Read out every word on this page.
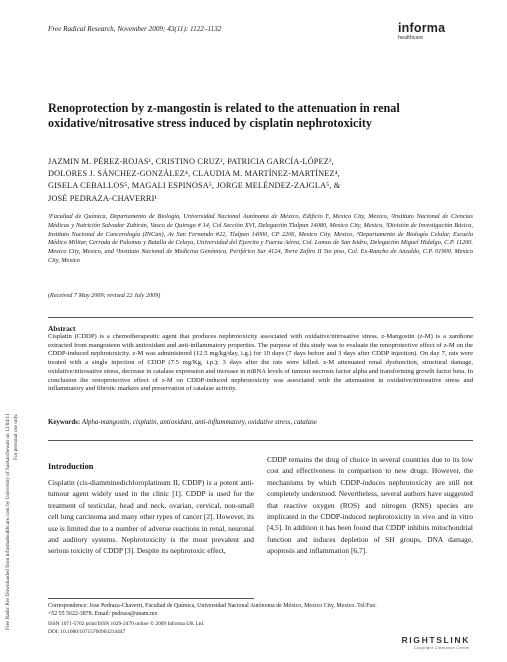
Free Radical Research, November 2009; 43(11): 1122–1132	informa
healthcare
Free Radic Res Downloaded from informahealthcare.com by University of Saskatchewan on 12/04/11 For personal use only.
Renoprotection by z-mangostin is related to the attenuation in renal oxidative/nitrosative stress induced by cisplatin nephrotoxicity
JAZMIN M. PÉREZ-ROJAS¹, CRISTINO CRUZ², PATRICIA GARCÍA-LÓPEZ³,
DOLORES J. SÁNCHEZ-GONZÁLEZ⁴, CLAUDIA M. MARTÍNEZ-MARTÍNEZ⁴,
GISELA CEBALLOS⁵, MAGALI ESPINOSA⁵, JORGE MELÉNDEZ-ZAJGLA⁵, &
JOSÉ PEDRAZA-CHAVERRI¹
¹Facultad de Química, Departamento de Biología, Universidad Nacional Autónoma de México, Edificio F, Mexico City, Mexico, ²Instituto Nacional de Ciencias Médicas y Nutrición Salvador Zubirán, Vasco de Quiroga # 14, Col Sección XVI, Delegación Tlalpan 14080, Mexico City, Mexico, ³División de Investigación Básica, Instituto Nacional de Cancerología (INCan), Av San Fernando #22, Tlalpan 14000, CP 2206, Mexico City, Mexico, ⁴Departamento de Biología Celular, Escuela Médico Militar, Cerrada de Palomas y Batalla de Celaya, Universidad del Ejercito y Fuerza Aérea, Col. Lomas de San Isidro, Delegación Miguel Hidalgo, C.P. 11200. Mexico City, Mexico, and ⁵Instituto Nacional de Medicina Genómica, Periférico Sur 4124, Torre Zafiro II 5to piso, Col. Ex-Rancho de Anzaldo, C.P. 01900. Mexico City, Mexico
(Received 7 May 2009; revised 22 July 2009)
Abstract
Cisplatin (CDDP) is a chemotherapeutic agent that produces nephrotoxicity associated with oxidative/nitrosative stress. z-Mangostin (z-M) is a xanthone extracted from mangosteen with antioxidant and anti-inflammatory properties. The purpose of this study was to evaluate the renoprotective effect of z-M on the CDDP-induced nephrotoxicity. z-M was administered (12.5 mg/kg/day, i.g.) for 10 days (7 days before and 3 days after CDDP injection). On day 7, rats were treated with a single injection of CDDP (7.5 mg/Kg, i.p.); 3 days after the rats were killed. z-M attenuated renal dysfunction, structural damage, oxidative/nitrosative stress, decrease in catalase expression and increase in mRNA levels of tumour necrosis factor alpha and transforming growth factor beta. In conclusion the renoprotective effect of z-M on CDDP-induced nephrotoxicity was associated with the attenuation in oxidative/nitrosative stress and inflammatory and fibrotic markers and preservation of catalase activity.
Keywords: Alpha-mangostin, cisplatin, antioxidant, anti-inflammatory, oxidative stress, catalase
Introduction
Cisplatin (cis-diamminedichloroplatinum II, CDDP) is a potent anti-tumour agent widely used in the clinic [1]. CDDP is used for the treatment of testicular, head and neck, ovarian, cervical, non-small cell lung carcinoma and many other types of cancer [2]. However, its use is limited due to a number of adverse reactions in renal, neuronal and auditory systems. Nephrotoxicity is the most prevalent and serious toxicity of CDDP [3]. Despite its nephrotoxic effect,
CDDP remains the drug of choice in several countries due to its low cost and effectiveness in comparison to new drugs. However, the mechanisms by which CDDP-induces nephrotoxicity are still not completely understood. Nevertheless, several authors have suggested that reactive oxygen (ROS) and nitrogen (RNS) species are implicated in the CDDP-induced nephrotoxicity in vivo and in vitro [4,5]. In addition it has been found that CDDP inhibits mitochondrial function and induces depletion of SH groups, DNA damage, apoptosis and inflammation [6,7].
Correspondence: Jose Pedraza-Chaverri, Facultad de Química, Universidad Nacional Autónoma de México, Mexico City, Mexico. Tel/Fax: +52 55 5622-3878. Email: pedraza@unam.mx
ISSN 1071-5762 print/ISSN 1029-2470 online © 2009 Informa UK Ltd.
DOI: 10.1080/10715760903214447
RIGHTSLINK
Copyright Clearance Center
